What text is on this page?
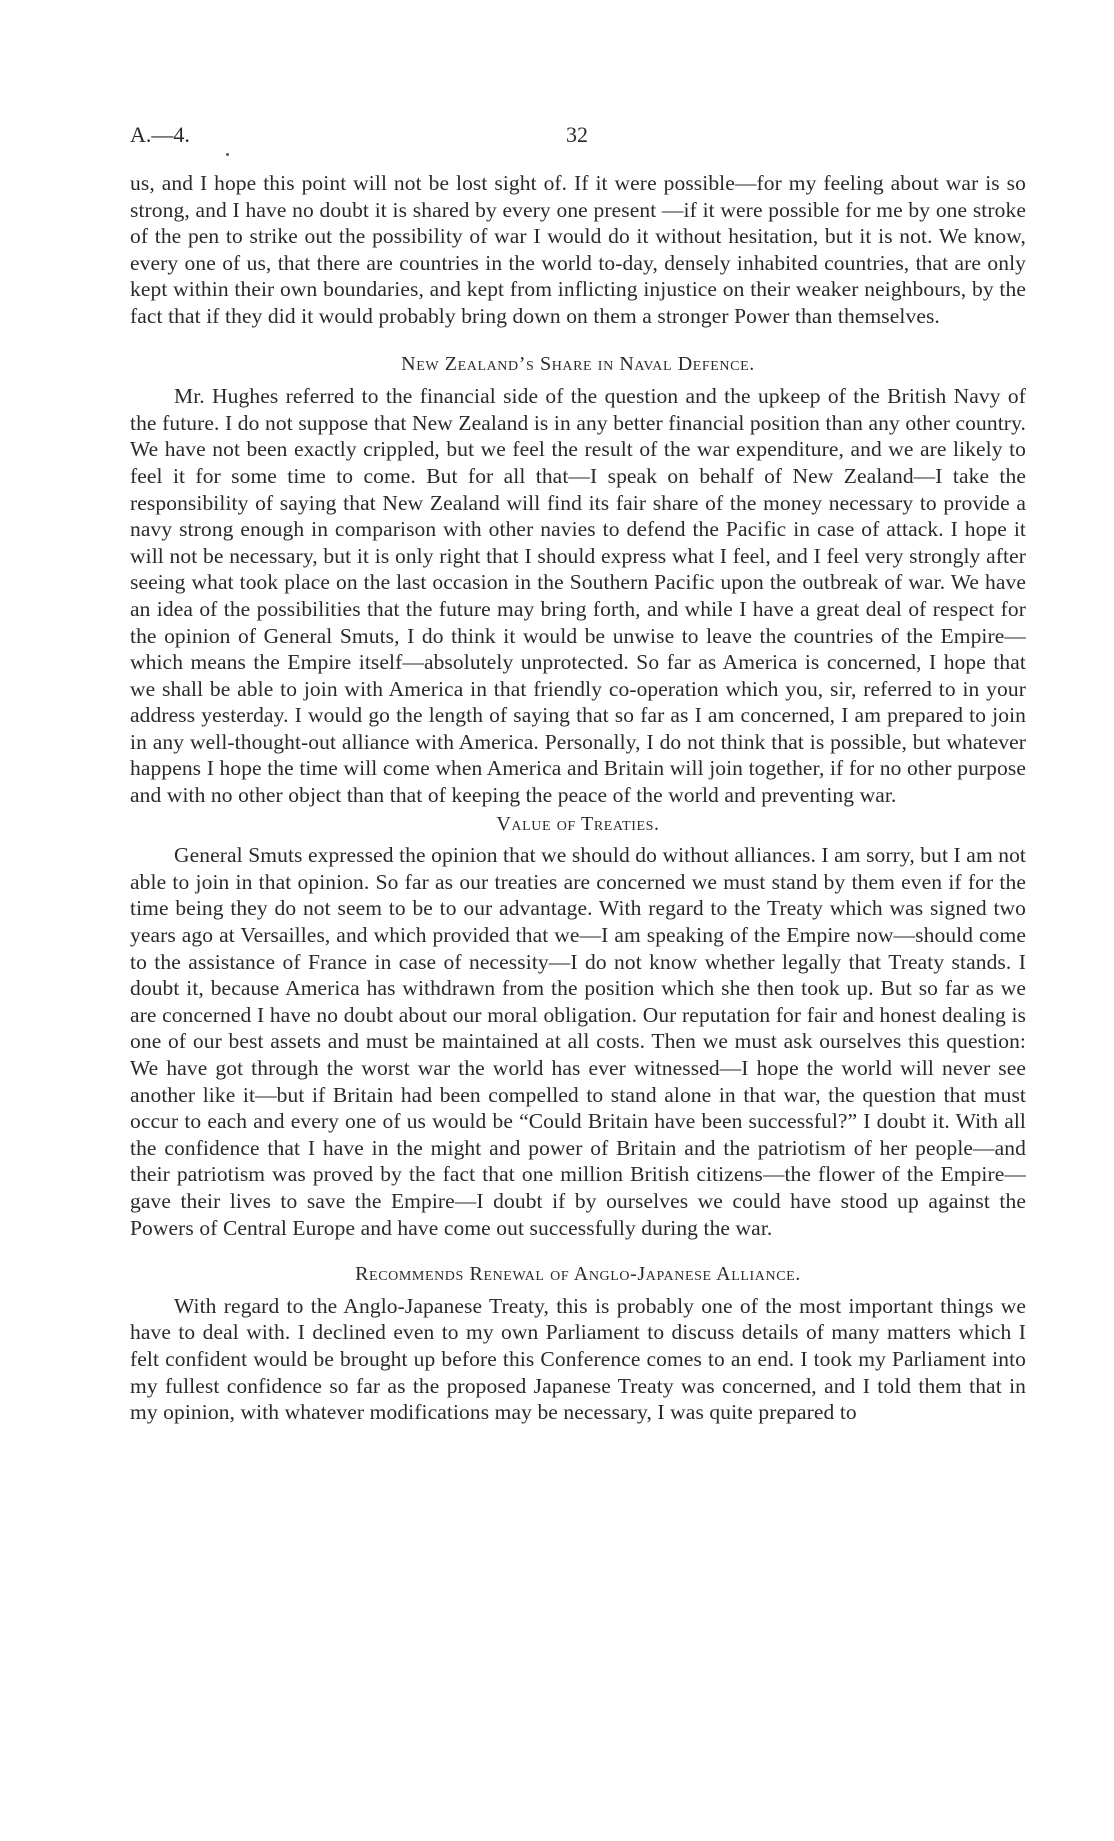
A.—4.	32

us, and I hope this point will not be lost sight of. If it were possible—for my feeling about war is so strong, and I have no doubt it is shared by every one present —if it were possible for me by one stroke of the pen to strike out the possibility of war I would do it without hesitation, but it is not. We know, every one of us, that there are countries in the world to-day, densely inhabited countries, that are only kept within their own boundaries, and kept from inflicting injustice on their weaker neighbours, by the fact that if they did it would probably bring down on them a stronger Power than themselves.

New Zealand’s Share in Naval Defence.

Mr. Hughes referred to the financial side of the question and the upkeep of the British Navy of the future. I do not suppose that New Zealand is in any better financial position than any other country. We have not been exactly crippled, but we feel the result of the war expenditure, and we are likely to feel it for some time to come. But for all that—I speak on behalf of New Zealand—I take the responsibility of saying that New Zealand will find its fair share of the money necessary to provide a navy strong enough in comparison with other navies to defend the Pacific in case of attack. I hope it will not be necessary, but it is only right that I should express what I feel, and I feel very strongly after seeing what took place on the last occasion in the Southern Pacific upon the outbreak of war. We have an idea of the possibilities that the future may bring forth, and while I have a great deal of respect for the opinion of General Smuts, I do think it would be unwise to leave the countries of the Empire—which means the Empire itself—absolutely unprotected. So far as America is concerned, I hope that we shall be able to join with America in that friendly co-operation which you, sir, referred to in your address yesterday. I would go the length of saying that so far as I am concerned, I am prepared to join in any well-thought-out alliance with America. Personally, I do not think that is possible, but whatever happens I hope the time will come when America and Britain will join together, if for no other purpose and with no other object than that of keeping the peace of the world and preventing war.

Value of Treaties.

General Smuts expressed the opinion that we should do without alliances. I am sorry, but I am not able to join in that opinion. So far as our treaties are concerned we must stand by them even if for the time being they do not seem to be to our advantage. With regard to the Treaty which was signed two years ago at Versailles, and which provided that we—I am speaking of the Empire now—should come to the assistance of France in case of necessity—I do not know whether legally that Treaty stands. I doubt it, because America has withdrawn from the position which she then took up. But so far as we are concerned I have no doubt about our moral obligation. Our reputation for fair and honest dealing is one of our best assets and must be maintained at all costs. Then we must ask ourselves this question: We have got through the worst war the world has ever witnessed—I hope the world will never see another like it—but if Britain had been compelled to stand alone in that war, the question that must occur to each and every one of us would be “Could Britain have been successful?” I doubt it. With all the confidence that I have in the might and power of Britain and the patriotism of her people—and their patriotism was proved by the fact that one million British citizens—the flower of the Empire—gave their lives to save the Empire—I doubt if by ourselves we could have stood up against the Powers of Central Europe and have come out successfully during the war.

Recommends Renewal of Anglo-Japanese Alliance.

With regard to the Anglo-Japanese Treaty, this is probably one of the most important things we have to deal with. I declined even to my own Parliament to discuss details of many matters which I felt confident would be brought up before this Conference comes to an end. I took my Parliament into my fullest confidence so far as the proposed Japanese Treaty was concerned, and I told them that in my opinion, with whatever modifications may be necessary, I was quite prepared to
